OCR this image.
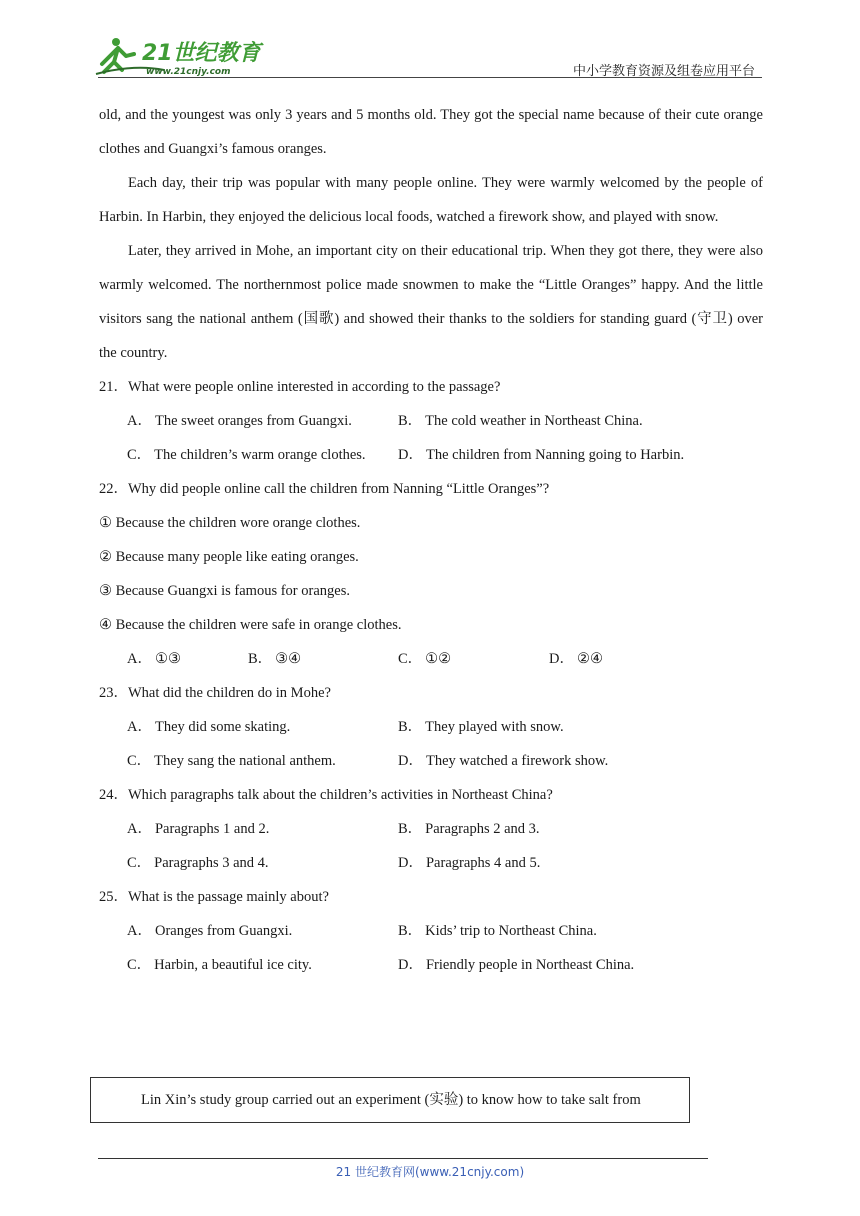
21世纪教育
www.21cnjy.com	中小学教育资源及组卷应用平台

old, and the youngest was only 3 years and 5 months old. They got the special name because of their cute orange clothes and Guangxi’s famous oranges.

Each day, their trip was popular with many people online. They were warmly welcomed by the people of Harbin. In Harbin, they enjoyed the delicious local foods, watched a firework show, and played with snow.

Later, they arrived in Mohe, an important city on their educational trip. When they got there, they were also warmly welcomed. The northernmost police made snowmen to make the “Little Oranges” happy. And the little visitors sang the national anthem (国歌) and showed their thanks to the soldiers for standing guard (守卫) over the country.

21．What were people online interested in according to the passage?

A． The sweet oranges from Guangxi.	B． The cold weather in Northeast China.
C． The children’s warm orange clothes.	D． The children from Nanning going to Harbin.

22．Why did people online call the children from Nanning “Little Oranges”?

① Because the children wore orange clothes.

② Because many people like eating oranges.

③ Because Guangxi is famous for oranges.

④ Because the children were safe in orange clothes.

A． ①③	B． ③④	C． ①②	D． ②④

23．What did the children do in Mohe?

A． They did some skating.	B． They played with snow.
C． They sang the national anthem.	D． They watched a firework show.

24．Which paragraphs talk about the children’s activities in Northeast China?

A． Paragraphs 1 and 2.	B． Paragraphs 2 and 3.
C． Paragraphs 3 and 4.	D． Paragraphs 4 and 5.

25．What is the passage mainly about?

A． Oranges from Guangxi.	B． Kids’ trip to Northeast China.
C． Harbin, a beautiful ice city.	D． Friendly people in Northeast China.
Lin Xin’s study group carried out an experiment (实验) to know how to take salt from
21 世纪教育网(www.21cnjy.com)
